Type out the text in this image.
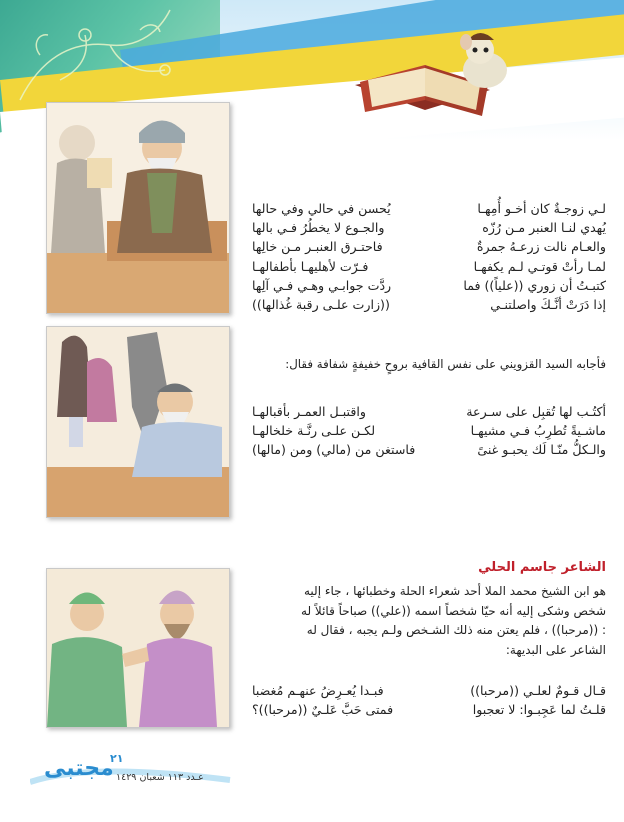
لـي زوجـةٌ كان أخـو أُمِهـا
يُحسن في حالي وفي حالها
يُهدي لنـا العنبر مـن رُزّه
والجـوع لا يخطُرُ فـي بالها
والعـام نالت زرعـهُ جمرةٌ
فاحتـرق العنبـر مـن خالِها
لمـا رأتْ قوتـي لـم يكفهـا
فـرّت لأهليهـا بأطفالهـا
كتبـتُ أن زوري ((علياً)) فما
ردَّت جوابـي وهـي فـي آلِها
إذا دَرَتْ أنَّـكَ واصلتنـي
((زارت علـى رقبة غُذالها))
فأجابه السيد القزويني على نفس القافية بروحٍ خفيفةٍ شفافة فقال:
أكتُـب لها تُقبِل على سـرعة
واقتبـل العمـر بأقبالهـا
ماشـيةً تُطرِبُ فـي مشيهـا
لكـن علـى رنَّـة خلخالهـا
والـكلُّ منّـا لَك يحبـو غنىً
فاستغن من (مالي) ومن (مالها)
الشاعر جاسم الحلي
هو ابن الشيخ محمد الملا أحد شعراء الحلة وخطبائها ، جاء إليه
شخص وشكى إليه أنه حيّا شخصاً اسمه ((علي)) صباحاً قائلاً له
: ((مرحبا)) ، فلم يعتن منه ذلك الشـخص ولـم يجبه ، فقال له
الشاعر على البديهة:
قـال قـومٌ لعلـي ((مرحبا))
فبـدا يُعـرِضُ عنهـم مُغضبا
قلـتُ لما عَجِبـوا: لا تعجبوا
فمتى حَبَّ عَلـيٌ ((مرحبا))؟
مجتبى
٢١
عـدد ١١٣ شعبان ١٤٢٩
